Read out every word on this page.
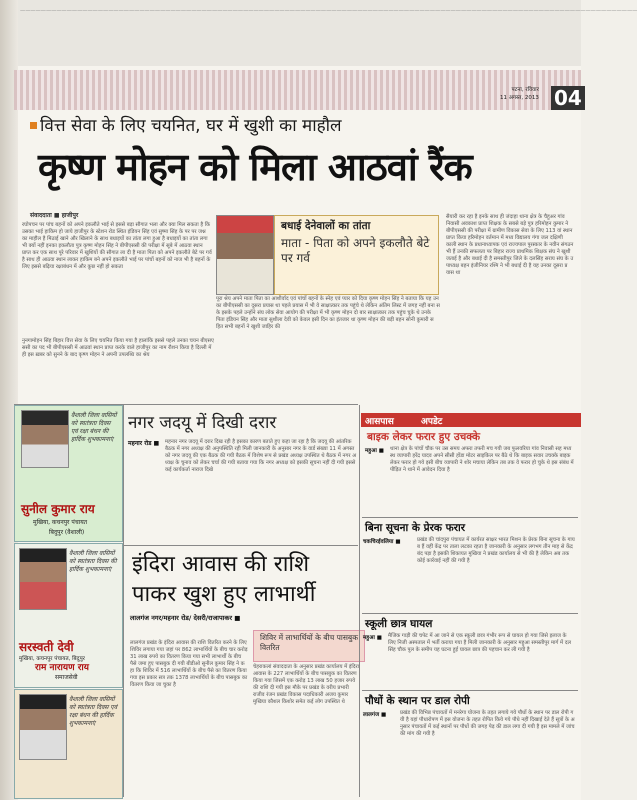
———————————————————————————————————————————————————————————————————————————————————————————————————————————————————————
पटना, रविवार
11 अगस्त, 2013 04
वित्त सेवा के लिए चयनित, घर में खुशी का माहौल
कृष्ण मोहन को मिला आठवां रैंक
संवाददाता ■ हाजीपुर
रघोपचन पर पांच बहनों को अपने इकलौते भाई से इससे बड़ा सौगात भला और क्या मिल सकता है कि उसका भाई हाकिम हो जाये हाजीपुर के स्टेशन रोड स्थित इंडियन सिंह एवं सुष्मा सिंह के पर पर जश्न का माहौल है मिठाई खाने और खिलाने के साथ बधाइयों का तांता लगा हुआ है बधाइयों का तांता लगा भी क्यों नहीं इनका इकलौता पुत्र कृष्ण मोहन सिंह ने बीपीएससी की परीक्षा में सूबे में आठवा स्थान प्राप्त कर एक साथ पूरे परिवार में खुशियों की सौगात ला दी है माता पिता को अपने इकलौते बेटे पर गर्व है साथ ही आठवा स्थान लाकर हाकिम बने अपने इकलौते भाई पर पांचों बहनों को नाज भी है बहनों के लिए इससे बढ़िया रक्षाबंधन में और कुछ नहीं हो सकता
नुनगामोहन सिंह बिहार वित्त सेवा के लिए चयनित किया गया है हालांकि इससे पहले उनका चयन बीएसएससी का पद भी बीपीएससी में आठवां स्थान प्राप्त करके वाले हाजीपुर का नाम रौशन किया है दिल्ली में ही इस ख़बर को सुनने के बाद कृष्ण मोहन ने अपनी उपलब्धि का श्रेय
बधाई देनेवालों का तांता

माता - पिता को अपने इकलौते बेटे पर गर्व

पूरा श्रेय अपने माता पिता का आशीर्वाद एवं पांचों बहनों के स्नेह एवं प्यार को दिया कृष्ण मोहन सिंह ने बताया कि यह उनका बीपीएससी का दूसरा प्रयास था पहले प्रयास में भी वे साक्षात्कार तक पहुंचे थे लेकिन अंतिम लिस्ट में जगह नहीं बना सके इसके पहले उन्होंने संघ लोक सेवा आयोग की परीक्षा में भी कृष्ण मोहन दो बार साक्षात्कार तक पहुंच चुके थे उनके पिता इंडियन सिंह और माता सुशीला देवी को केवल इसी दिन का इंतजार था कृष्ण मोहन की बड़ी बहन सोनी कुमारी सहित सभी बहनों ने खुशी जाहिर की
सैयारी कर रहा है इनके साथ ही जंदाहा थाना क्षेत्र के चैहुअर गांव निवासी अवकाश प्राप्त शिक्षक के सबसे बड़े पुत्र हरिमोहन कुमार ने बीपीएससी की परीक्षा में ग्रामीण विकास सेवा के लिए 113 वां स्थान प्राप्त किया हरिमोहन वर्तमान में मध्य विद्यालय गंगा जल दक्षिणी काली स्थान के प्रधानाध्यापक एवं राज्यपाल पुरस्कार के नवीन संगठन भी हैं उनकी सफलता पर बिहार राज्य प्राथमिक शिक्षक संघ ने खुशी जताई है और बधाई दी है समस्तीपुर जिले के दलसिंह सराय संघ के उपाध्यक्ष बहन इंजीनियर रश्मि ने भी बधाई दी है यह उनका दूसरा प्रयास था
वैशाली जिला वासियों को स्वतंत्रता दिवस एवं रक्षा बंधन की हार्दिक शुभकामनाएं
सुनील कुमार राय
मुखिया, कचनपुर पंचायत
बिदुपुर (वैशाली)
वैशाली जिला वासियों को स्वतंत्रता दिवस की हार्दिक शुभकामनाएं
सरस्वती देवी
मुखिया, कचनपुर पंचायत, बिदुपुर
राम नारायण राय
समाजसेवी
वैशाली जिला वासियों को स्वतंत्रता दिवस एवं रक्षा बंधन की हार्दिक शुभकामनाएं
नगर जदयू में दिखी दरार
महनार रोड ■ महनार नगर जदयू में दरार दिख रही है इसका कारण बताते हुए कहा जा रहा है कि जदयू की आंतरिक बैठक में नगर अध्यक्ष की अनुपस्थिति रही मिली जानकारी के अनुसार नगर के वार्ड संख्या 11 में अगस्त को नगर जदयू की एक बैठक की गयी बैठक में विशेष रूप से प्रखंड अध्यक्ष उपस्थित थे बैठक में नगर अध्यक्ष के चुनाव को लेकर चर्चा की गयी बताया गया कि नगर अध्यक्ष को इसकी सूचना नहीं दी गयी इससे कई कार्यकर्ता नाराज दिखे
इंदिरा आवास की राशि पाकर खुश हुए लाभार्थी
लालगंज नगर/महनार रोड/ देसरी/राजापाकर ■
लालगंज प्रखंड के इंदिरा आवास की राशि वितरित करने के लिए शिविर लगाया गया जहां पर 862 लाभार्थियों के बीच चार करोड़ 31 लाख रुपये का वितरण किया गया सभी लाभार्थी के बीच पैसे जमा हुए पासबुक दी गयी बीडीओ सुनील कुमार सिंह ने कहा कि शिविर में 516 लाभार्थियों के बीच पैसे का वितरण किया गया इस प्रकार सत्र तक 1378 लाभार्थियों के बीच पासबुक का वितरण किया जा चुका है
शिविर में लाभार्थियों के बीच पासबुक वितरित
चेहराकलां संवाददाता के अनुसार प्रखंड कार्यालय में इंदिरा आवास के 227 लाभार्थियों के बीच पासबुक का वितरण किया गया जिसमें एक करोड़ 13 लाख 50 हजार रुपये की राशि दी गयी इस मौके पर प्रखंड के वरीय प्रभारी राजीव रंजन प्रखंड विकास पदाधिकारी अजय कुमार मुखिया कौशल किशोर समेत कई लोग उपस्थित थे
आसपास	अपडेट
बाइक लेकर फरार हुए उचक्के
महुआ ■ थाना क्षेत्र के पांचों चौक पर उस समय अफरा तफरी मच गयी जब फुलवरिया गांव निवासी सह मध्यस्थ व्यापारी हरेंद्र यादव अपने सीसी होंडा मोटर साइकिल पर बैठे थे कि बाइक सवार उचक्के बाइक लेकर फरार हो गये इसी बीच व्यापारी ने शोर मचाया लेकिन तब तक वे फरार हो चुके थे इस संबंध में पीड़ित ने थाने में आवेदन दिया है
बिना सूचना के प्रेरक फरार
चकचिरईवलिया ■	प्रखंड की चांदपुरा पंचायत में कार्यरत साक्षर भारत मिशन के प्रेरक बिना सूचना के गायब हैं वहीं केंद्र पर ताला लटका रहता है जानकारी के अनुसार लगभग तीन माह से केंद्र बंद पड़ा है इसकी शिकायत मुखिया ने प्रखंड कार्यालय से भी की है लेकिन अब तक कोई कार्रवाई नहीं की गयी है
स्कूली छात्र घायल
महुआ ■ मैजिक गाड़ी की चपेट में आ जाने से एक स्कूली छात्र गंभीर रूप से घायल हो गया जिसे इलाज के लिए निजी अस्पताल में भर्ती कराया गया है मिली जानकारी के अनुसार महुआ समस्तीपुर मार्ग में दलसिंह चौक पुल के समीप यह घटना हुई घायल छात्र की पहचान कर ली गयी है
पौधों के स्थान पर डाल रोपी
लालगंज ■	प्रखंड की विभिन्न पंचायतों में मनरेगा योजना के तहत लगाये गये पौधों के स्थान पर डाल रोपी गयी है यहां पौधारोपण में इस योजना के तहत रोपित किये गये पौधे नहीं दिखाई देते हैं सूत्रों के अनुसार पंचायतों में कई स्थानों पर पौधों की जगह पेड़ की डाल लगा दी गयी है इस मामले में जांच की मांग की गयी है
